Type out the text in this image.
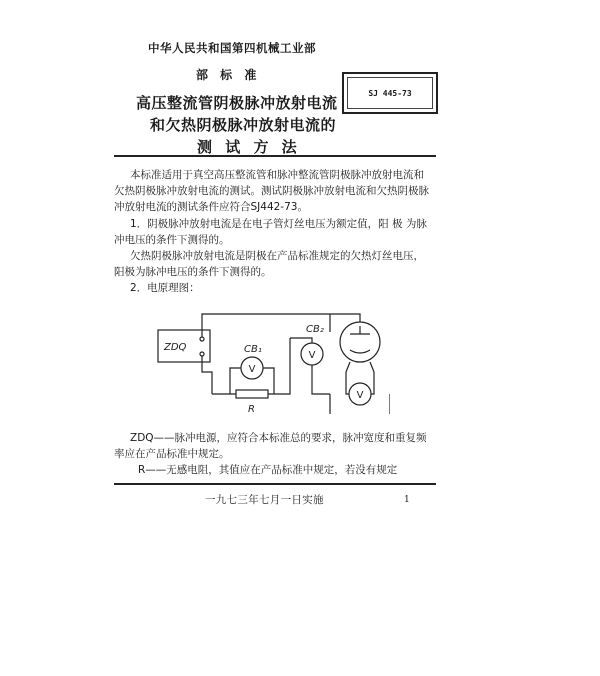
中华人民共和国第四机械工业部
部 标 准
高压整流管阴极脉冲放射电流
和欠热阴极脉冲放射电流的
测 试 方 法
SJ 445-73
本标准适用于真空高压整流管和脉冲整流管阴极脉冲放射电流和欠热阴极脉冲放射电流的测试。测试阴极脉冲放射电流和欠热阴极脉冲放射电流的测试条件应符合SJ442-73。
1．阴极脉冲放射电流是在电子管灯丝电压为额定值，阳 极 为脉冲电压的条件下测得的。
欠热阴极脉冲放射电流是阴极在产品标准规定的欠热灯丝电压，阳极为脉冲电压的条件下测得的。
2．电原理图：
ZDQ	CB₁
CB₂
R
V
V
V
ZDQ——脉冲电源，应符合本标准总的要求，脉冲宽度和重复频率应在产品标准中规定。
R——无感电阻，其值应在产品标准中规定，若没有规定
一九七三年七月一日实施	1
